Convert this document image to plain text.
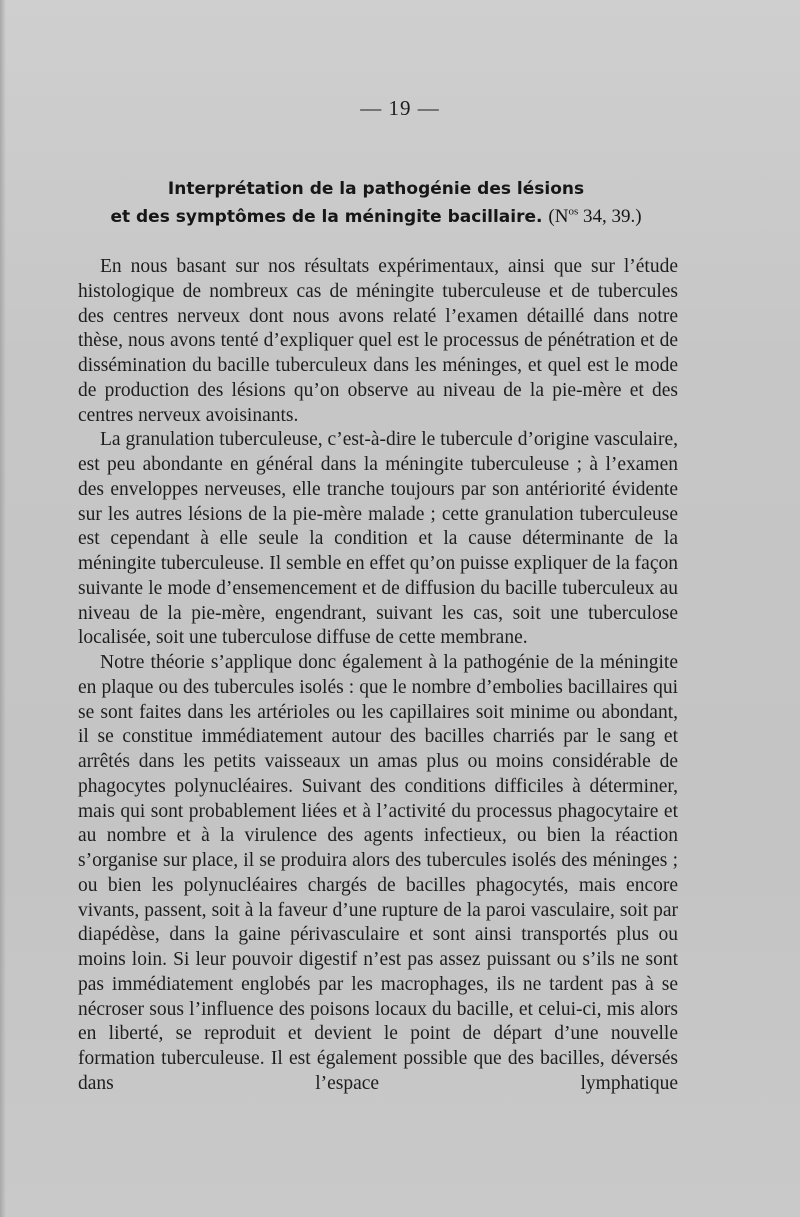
— 19 —
Interprétation de la pathogénie des lésions
et des symptômes de la méningite bacillaire. ($N^{os}$ 34, 39.)

En nous basant sur nos résultats expérimentaux, ainsi que sur l’étude histologique de nombreux cas de méningite tuberculeuse et de tubercules des centres nerveux dont nous avons relaté l’examen détaillé dans notre thèse, nous avons tenté d’expliquer quel est le processus de pénétration et de dissémination du bacille tuberculeux dans les méninges, et quel est le mode de production des lésions qu’on observe au niveau de la pie-mère et des centres nerveux avoisinants.

La granulation tuberculeuse, c’est-à-dire le tubercule d’origine vasculaire, est peu abondante en général dans la méningite tuberculeuse ; à l’examen des enveloppes nerveuses, elle tranche toujours par son antériorité évidente sur les autres lésions de la pie-mère malade ; cette granulation tuberculeuse est cependant à elle seule la condition et la cause déterminante de la méningite tuberculeuse. Il semble en effet qu’on puisse expliquer de la façon suivante le mode d’ensemencement et de diffusion du bacille tuberculeux au niveau de la pie-mère, engendrant, suivant les cas, soit une tuberculose localisée, soit une tuberculose diffuse de cette membrane.

Notre théorie s’applique donc également à la pathogénie de la méningite en plaque ou des tubercules isolés : que le nombre d’embolies bacillaires qui se sont faites dans les artérioles ou les capillaires soit minime ou abondant, il se constitue immédiatement autour des bacilles charriés par le sang et arrêtés dans les petits vaisseaux un amas plus ou moins considérable de phagocytes polynucléaires. Suivant des conditions difficiles à déterminer, mais qui sont probablement liées et à l’activité du processus phagocytaire et au nombre et à la virulence des agents infectieux, ou bien la réaction s’organise sur place, il se produira alors des tubercules isolés des méninges ; ou bien les polynucléaires chargés de bacilles phagocytés, mais encore vivants, passent, soit à la faveur d’une rupture de la paroi vasculaire, soit par diapédèse, dans la gaine périvasculaire et sont ainsi transportés plus ou moins loin. Si leur pouvoir digestif n’est pas assez puissant ou s’ils ne sont pas immédiatement englobés par les macrophages, ils ne tardent pas à se nécroser sous l’influence des poisons locaux du bacille, et celui-ci, mis alors en liberté, se reproduit et devient le point de départ d’une nouvelle formation tuberculeuse. Il est également possible que des bacilles, déversés dans l’espace lymphatique
